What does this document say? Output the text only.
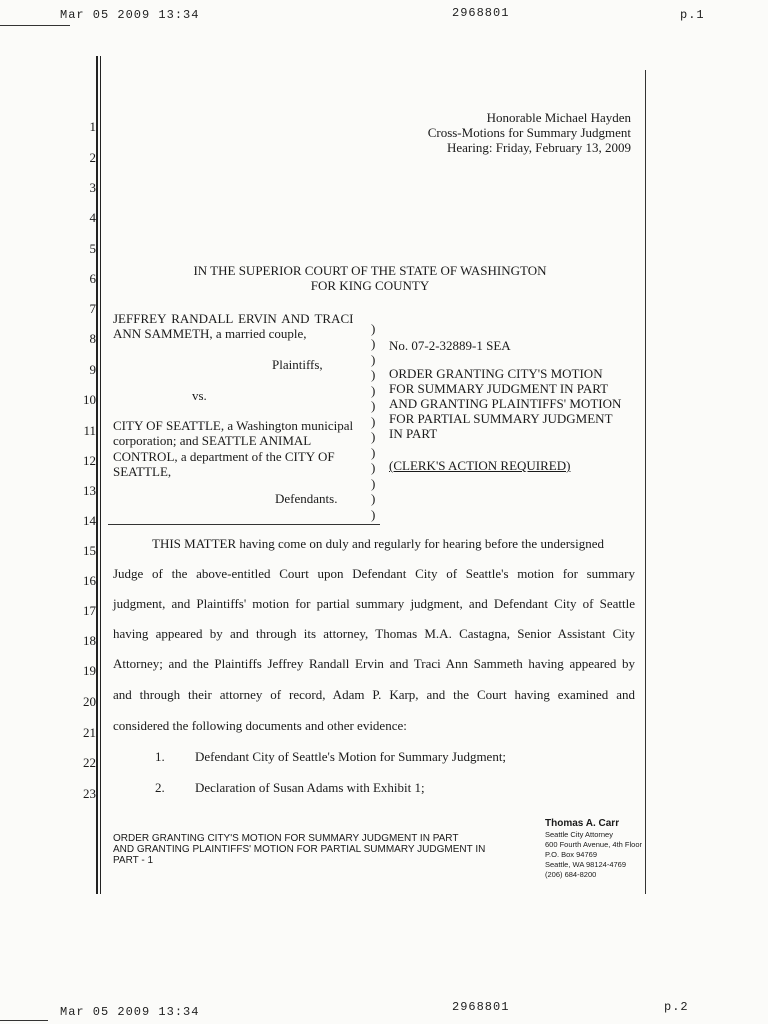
Mar 05 2009 13:34	2968801	p.1
Honorable Michael Hayden
Cross-Motions for Summary Judgment
Hearing: Friday, February 13, 2009
1
2
3
4
5
6
7
8
9
10
11
12
13
14
15
16
17
18
19
20
21
22
23
IN THE SUPERIOR COURT OF THE STATE OF WASHINGTON
FOR KING COUNTY
JEFFREY RANDALL ERVIN AND TRACI
ANN SAMMETH, a married couple,
Plaintiffs,
vs.
CITY OF SEATTLE, a Washington municipal
corporation; and SEATTLE ANIMAL
CONTROL, a department of the CITY OF
SEATTLE,
Defendants.
)
)
)
)
)
)
)
)
)
)
)
)
)
No. 07-2-32889-1 SEA
ORDER GRANTING CITY'S MOTION
FOR SUMMARY JUDGMENT IN PART
AND GRANTING PLAINTIFFS' MOTION
FOR PARTIAL SUMMARY JUDGMENT
IN PART
(CLERK'S ACTION REQUIRED)
THIS MATTER having come on duly and regularly for hearing before the undersigned
Judge of the above-entitled Court upon Defendant City of Seattle's motion for summary
judgment, and Plaintiffs' motion for partial summary judgment, and Defendant City of Seattle
having appeared by and through its attorney, Thomas M.A. Castagna, Senior Assistant City
Attorney; and the Plaintiffs Jeffrey Randall Ervin and Traci Ann Sammeth having appeared by
and through their attorney of record, Adam P. Karp, and the Court having examined and
considered the following documents and other evidence:
1. Defendant City of Seattle's Motion for Summary Judgment;
2. Declaration of Susan Adams with Exhibit 1;
ORDER GRANTING CITY'S MOTION FOR SUMMARY JUDGMENT IN PART
AND GRANTING PLAINTIFFS' MOTION FOR PARTIAL SUMMARY JUDGMENT IN
PART - 1
Thomas A. Carr
Seattle City Attorney
600 Fourth Avenue, 4th Floor
P.O. Box 94769
Seattle, WA 98124-4769
(206) 684-8200
Mar 05 2009 13:34	2968801	p.2
